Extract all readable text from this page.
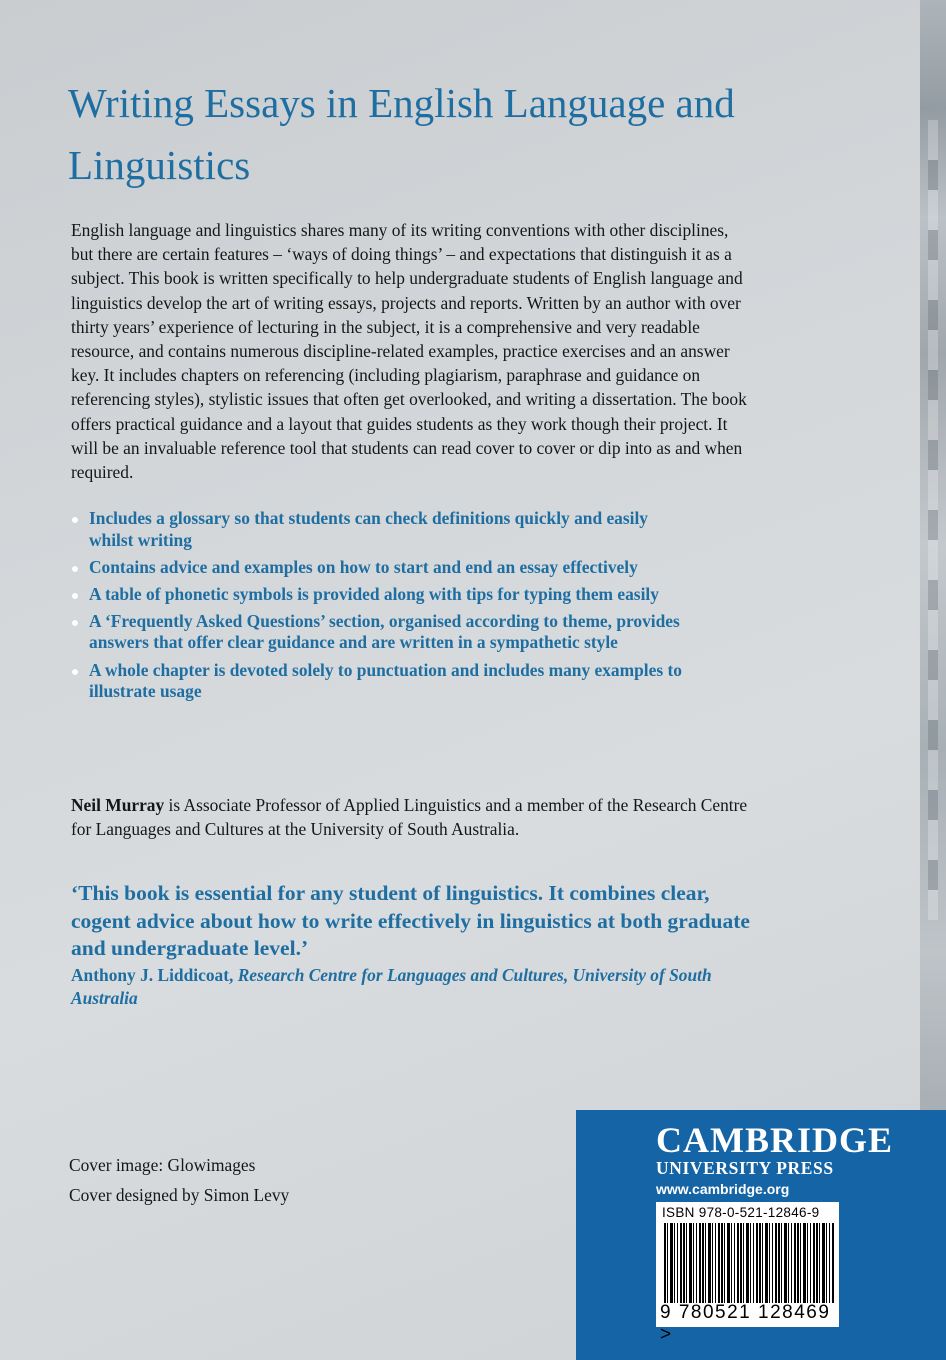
Writing Essays in English Language and Linguistics

English language and linguistics shares many of its writing conventions with other disciplines, but there are certain features – ‘ways of doing things’ – and expectations that distinguish it as a subject. This book is written specifically to help undergraduate students of English language and linguistics develop the art of writing essays, projects and reports. Written by an author with over thirty years’ experience of lecturing in the subject, it is a comprehensive and very readable resource, and contains numerous discipline-related examples, practice exercises and an answer key. It includes chapters on referencing (including plagiarism, paraphrase and guidance on referencing styles), stylistic issues that often get overlooked, and writing a dissertation. The book offers practical guidance and a layout that guides students as they work though their project. It will be an invaluable reference tool that students can read cover to cover or dip into as and when required.

Includes a glossary so that students can check definitions quickly and easily whilst writing
Contains advice and examples on how to start and end an essay effectively
A table of phonetic symbols is provided along with tips for typing them easily
A ‘Frequently Asked Questions’ section, organised according to theme, provides answers that offer clear guidance and are written in a sympathetic style
A whole chapter is devoted solely to punctuation and includes many examples to illustrate usage

Neil Murray is Associate Professor of Applied Linguistics and a member of the Research Centre for Languages and Cultures at the University of South Australia.

‘This book is essential for any student of linguistics. It combines clear, cogent advice about how to write effectively in linguistics at both graduate and undergraduate level.’

Anthony J. Liddicoat, Research Centre for Languages and Cultures, University of South Australia

Cover image: Glowimages
Cover designed by Simon Levy
CAMBRIDGE
UNIVERSITY PRESS
www.cambridge.org
ISBN 978-0-521-12846-9
9 780521 128469 >
